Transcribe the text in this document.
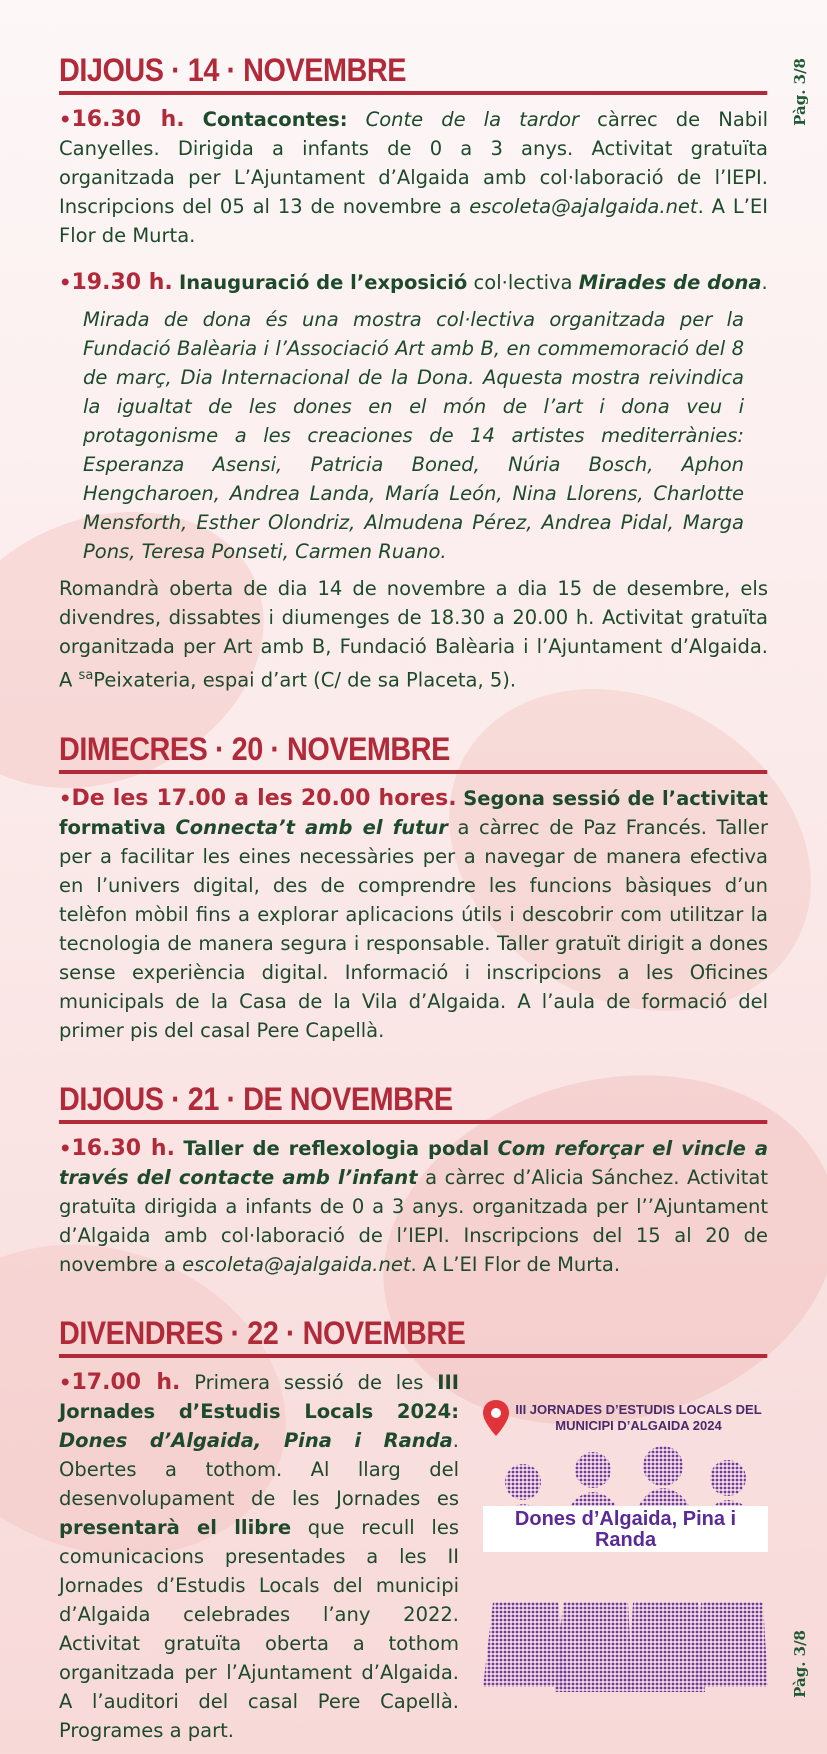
Pàg. 3/8
Pàg. 3/8
DIJOUS · 14 · NOVEMBRE

•16.30 h. Contacontes: Conte de la tardor càrrec de Nabil Canyelles. Dirigida a infants de 0 a 3 anys. Activitat gratuïta organitzada per L’Ajuntament d’Algaida amb col·laboració de l’IEPI. Inscripcions del 05 al 13 de novembre a escoleta@ajalgaida.net. A L’EI Flor de Murta.

•19.30 h. Inauguració de l’exposició col·lectiva Mirades de dona.

Mirada de dona és una mostra col·lectiva organitzada per la Fundació Balèaria i l’Associació Art amb B, en commemoració del 8 de març, Dia Internacional de la Dona. Aquesta mostra reivindica la igualtat de les dones en el món de l’art i dona veu i protagonisme a les creaciones de 14 artistes mediterrànies: Esperanza Asensi, Patricia Boned, Núria Bosch, Aphon Hengcharoen, Andrea Landa, María León, Nina Llorens, Charlotte Mensforth, Esther Olondriz, Almudena Pérez, Andrea Pidal, Marga Pons, Teresa Ponseti, Carmen Ruano.

Romandrà oberta de dia 14 de novembre a dia 15 de desembre, els divendres, dissabtes i diumenges de 18.30 a 20.00 h. Activitat gratuïta organitzada per Art amb B, Fundació Balèaria i l’Ajuntament d’Algaida. A $^{sa}$Peixateria, espai d’art (C/ de sa Placeta, 5).

DIMECRES · 20 · NOVEMBRE

•De les 17.00 a les 20.00 hores. Segona sessió de l’activitat formativa Connecta’t amb el futur a càrrec de Paz Francés. Taller per a facilitar les eines necessàries per a navegar de manera efectiva en l’univers digital, des de comprendre les funcions bàsiques d’un telèfon mòbil fins a explorar aplicacions útils i descobrir com utilitzar la tecnologia de manera segura i responsable. Taller gratuït dirigit a dones sense experiència digital. Informació i inscripcions a les Oficines municipals de la Casa de la Vila d’Algaida. A l’aula de formació del primer pis del casal Pere Capellà.

DIJOUS · 21 · DE NOVEMBRE

•16.30 h. Taller de reflexologia podal Com reforçar el vincle a través del contacte amb l’infant a càrrec d’Alicia Sánchez. Activitat gratuïta dirigida a infants de 0 a 3 anys. organitzada per l’’Ajuntament d’Algaida amb col·laboració de l’IEPI. Inscripcions del 15 al 20 de novembre a escoleta@ajalgaida.net. A L’EI Flor de Murta.

DIVENDRES · 22 · NOVEMBRE

•17.00 h. Primera sessió de les III Jornades d’Estudis Locals 2024: Dones d’Algaida, Pina i Randa. Obertes a tothom. Al llarg del desenvolupament de les Jornades es presentarà el llibre que recull les comunicacions presentades a les II Jornades d’Estudis Locals del municipi d’Algaida celebrades l’any 2022. Activitat gratuïta oberta a tothom organitzada per l’Ajuntament d’Algaida. A l’auditori del casal Pere Capellà. Programes a part.

III JORNADES D’ESTUDIS LOCALS DEL MUNICIPI D’ALGAIDA 2024
Dones d’Algaida, Pina i Randa
